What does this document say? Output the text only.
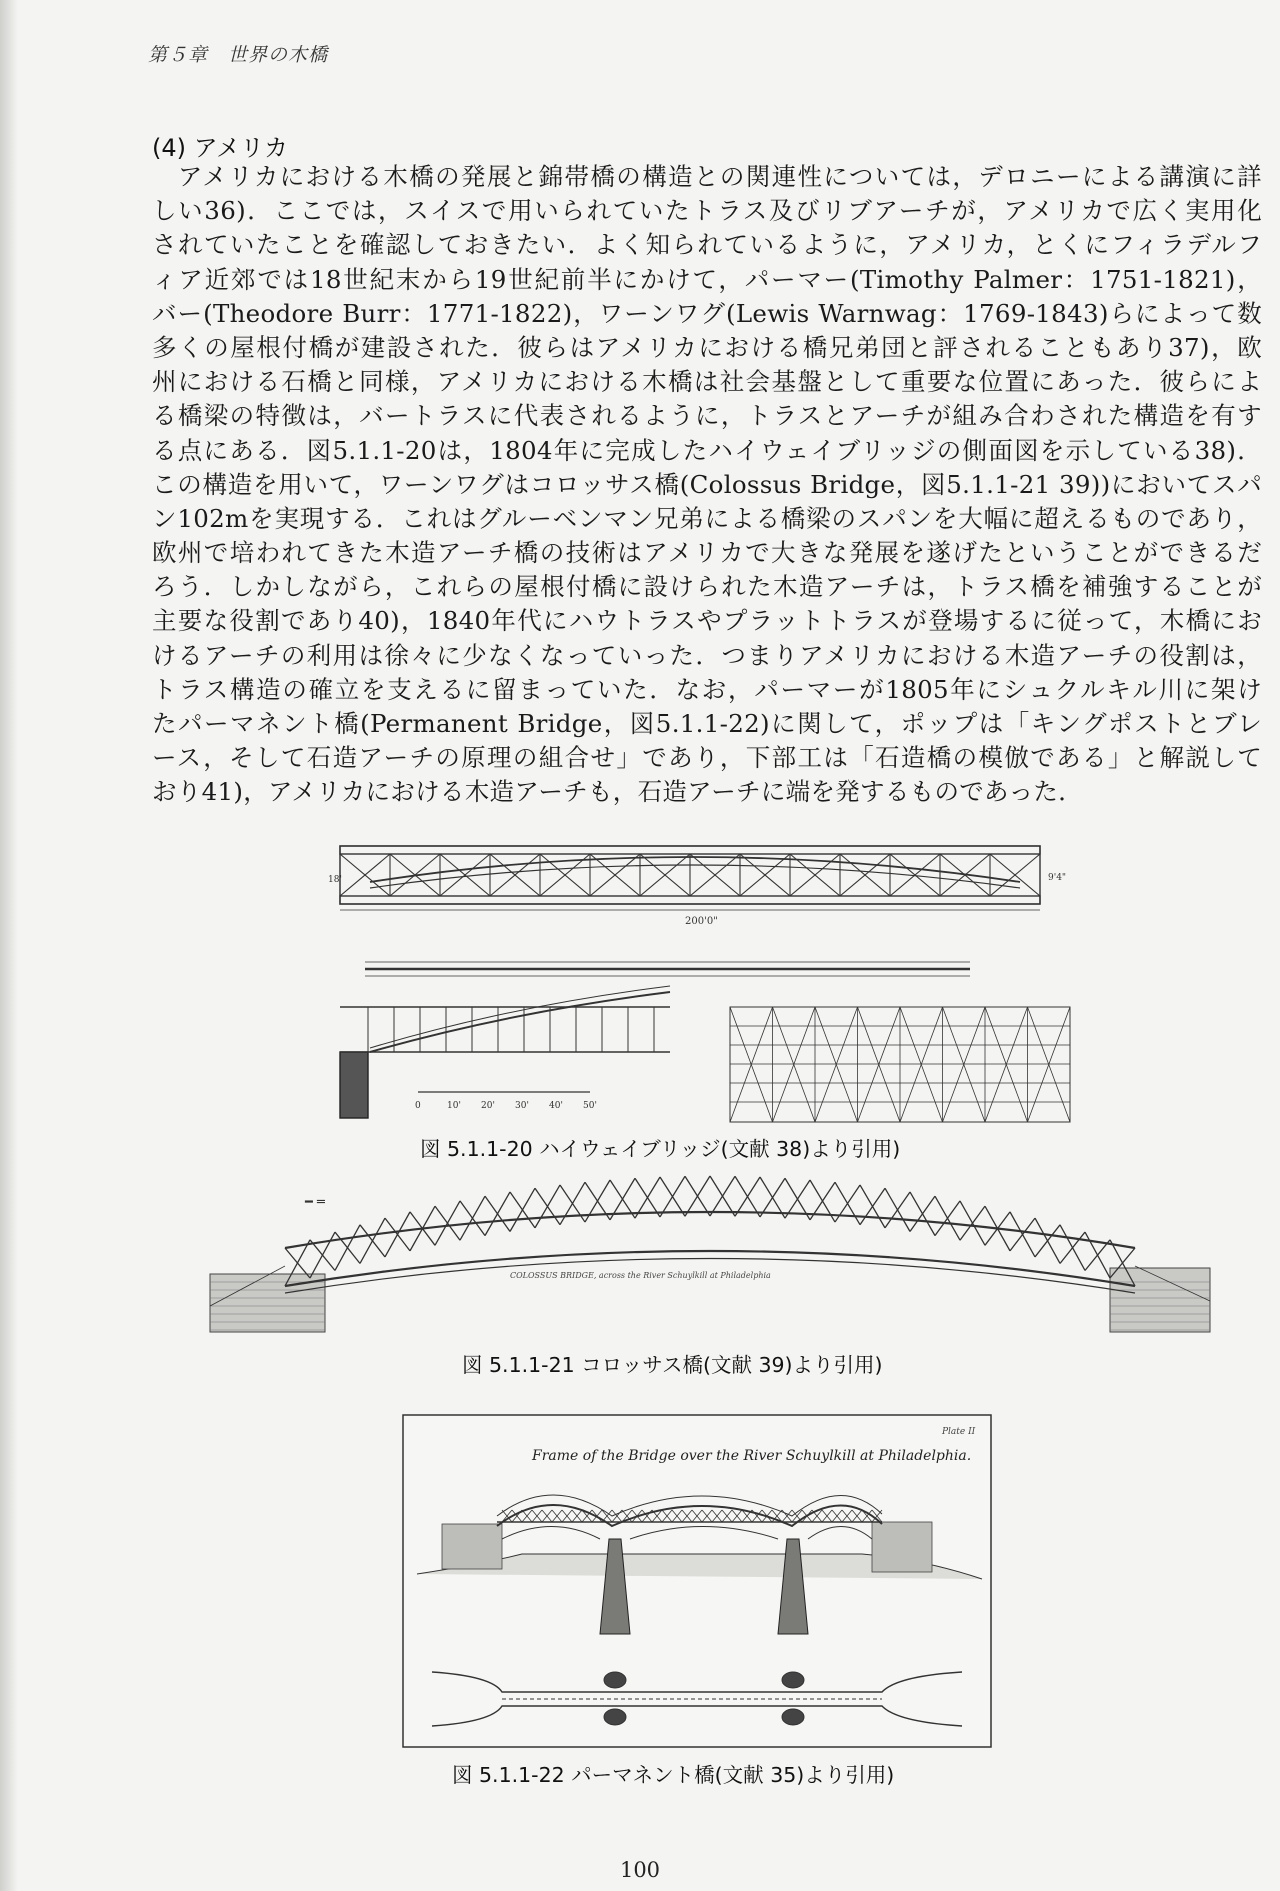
第５章　世界の木橋
(4) アメリカ
　アメリカにおける木橋の発展と錦帯橋の構造との関連性については，デロニーによる講演に詳
しい36)．ここでは，スイスで用いられていたトラス及びリブアーチが，アメリカで広く実用化
されていたことを確認しておきたい．よく知られているように，アメリカ，とくにフィラデルフ
ィア近郊では18世紀末から19世紀前半にかけて，パーマー(Timothy Palmer：1751-1821)，
バー(Theodore Burr：1771-1822)，ワーンワグ(Lewis Warnwag：1769-1843)らによって数
多くの屋根付橋が建設された．彼らはアメリカにおける橋兄弟団と評されることもあり37)，欧
州における石橋と同様，アメリカにおける木橋は社会基盤として重要な位置にあった．彼らによ
る橋梁の特徴は，バートラスに代表されるように，トラスとアーチが組み合わされた構造を有す
る点にある．図5.1.1-20は，1804年に完成したハイウェイブリッジの側面図を示している38)．
この構造を用いて，ワーンワグはコロッサス橋(Colossus Bridge，図5.1.1-21 39))においてスパ
ン102mを実現する．これはグルーベンマン兄弟による橋梁のスパンを大幅に超えるものであり，
欧州で培われてきた木造アーチ橋の技術はアメリカで大きな発展を遂げたということができるだ
ろう．しかしながら，これらの屋根付橋に設けられた木造アーチは，トラス橋を補強することが
主要な役割であり40)，1840年代にハウトラスやプラットトラスが登場するに従って，木橋にお
けるアーチの利用は徐々に少なくなっていった．つまりアメリカにおける木造アーチの役割は，
トラス構造の確立を支えるに留まっていた．なお，パーマーが1805年にシュクルキル川に架け
たパーマネント橋(Permanent Bridge，図5.1.1-22)に関して，ポップは「キングポストとブレ
ース，そして石造アーチの原理の組合せ」であり，下部工は「石造橋の模倣である」と解説して
おり41)，アメリカにおける木造アーチも，石造アーチに端を発するものであった．
200'0"
18'	9'4"
0	10' 20' 30' 40' 50'
図 5.1.1-20 ハイウェイブリッジ(文献 38)より引用)
━ ═
COLOSSUS BRIDGE, across the River Schuylkill at Philadelphia
図 5.1.1-21 コロッサス橋(文献 39)より引用)
Frame of the Bridge over the River Schuylkill at Philadelphia.
Plate II
図 5.1.1-22 パーマネント橋(文献 35)より引用)
100
